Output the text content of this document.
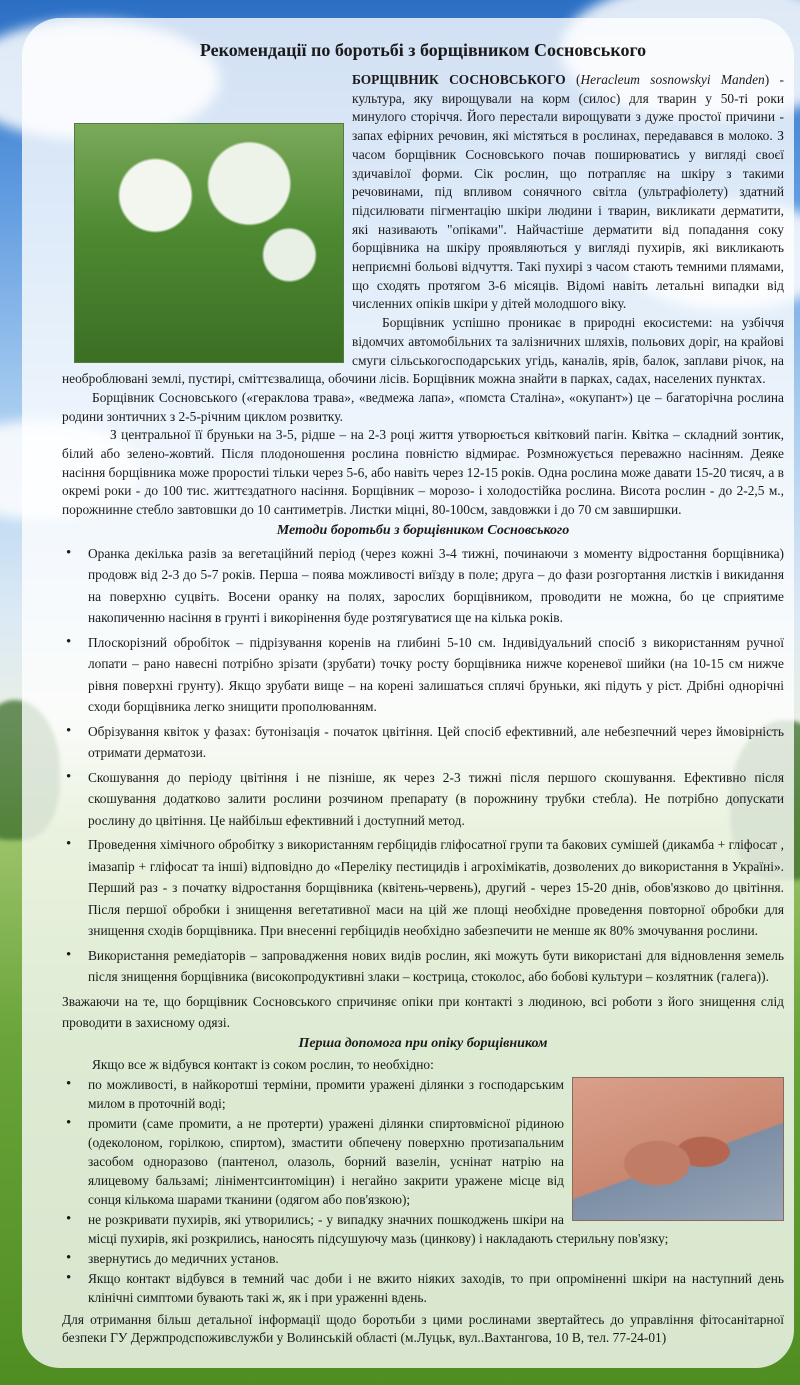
Рекомендації по боротьбі з борщівником Сосновського

БОРЩІВНИК СОСНОВСЬКОГО (Heracleum sosnowskyi Manden) - культура, яку вирощували на корм (силос) для тварин у 50-ті роки минулого сторіччя. Його перестали вирощувати з дуже простої причини - запах ефірних речовин, які містяться в рослинах, передавався в молоко. З часом борщівник Сосновського почав поширюватись у вигляді своєї здичавілої форми. Сік рослин, що потрапляє на шкіру з такими речовинами, під впливом сонячного світла (ультрафіолету) здатний підсилювати пігментацію шкіри людини і тварин, викликати дерматити, які називають "опіками". Найчастіше дерматити від попадання соку борщівника на шкіру проявляються у вигляді пухирів, які викликають неприємні больові відчуття. Такі пухирі з часом стають темними плямами, що сходять протягом 3-6 місяців. Відомі навіть летальні випадки від численних опіків шкіри у дітей молодшого віку.

Борщівник успішно проникає в природні екосистеми: на узбіччя відомчих автомобільних та залізничних шляхів, польових доріг, на крайові смуги сільськогосподарських угідь, каналів, ярів, балок, заплави річок, на необроблювані землі, пустирі, сміттєзвалища, обочини лісів. Борщівник можна знайти в парках, садах, населених пунктах.

Борщівник Сосновського («гераклова трава», «ведмежа лапа», «помста Сталіна», «окупант») це – багаторічна рослина родини зонтичних з 2-5-річним циклом розвитку.

З центральної її бруньки на 3-5, рідше – на 2-3 році життя утворюється квітковий пагін. Квітка – складний зонтик, білий або зелено-жовтий. Після плодоношення рослина повністю відмирає. Розмножується переважно насінням. Деяке насіння борщівника може проростиі тільки через 5-6, або навіть через 12-15 років. Одна рослина може давати 15-20 тисяч, а в окремі роки - до 100 тис. життєздатного насіння. Борщівник – морозо- і холодостійка рослина. Висота рослин - до 2-2,5 м., порожнинне стебло завтовшки до 10 сантиметрів. Листки міцні, 80-100см, завдовжки і до 70 см завширшки.

Методи боротьби з борщівником Сосновського
• Оранка декілька разів за вегетаційний період (через кожні 3-4 тижні, починаючи з моменту відростання борщівника) продовж від 2-3 до 5-7 років. Перша – поява можливості виїзду в поле; друга – до фази розгортання листків і викидання на поверхню суцвіть. Восени оранку на полях, зарослих борщівником, проводити не можна, бо це сприятиме накопиченню насіння в грунті і викорінення буде розтягуватися ще на кілька років.
• Плоскорізний обробіток – підрізування коренів на глибині 5-10 см. Індивідуальний спосіб з використанням ручної лопати – рано навесні потрібно зрізати (зрубати) точку росту борщівника нижче кореневої шийки (на 10-15 см нижче рівня поверхні грунту). Якщо зрубати вище – на корені залишаться сплячі бруньки, які підуть у ріст. Дрібні однорічні сходи борщівника легко знищити прополюванням.
• Обрізування квіток у фазах: бутонізація - початок цвітіння. Цей спосіб ефективний, але небезпечний через ймовірність отримати дерматози.
• Скошування до періоду цвітіння і не пізніше, як через 2-3 тижні після першого скошування. Ефективно після скошування додатково залити рослини розчином препарату (в порожнину трубки стебла). Не потрібно допускати рослину до цвітіння. Це найбільш ефективний і доступний метод.
• Проведення хімічного обробітку з використанням гербіцидів гліфосатної групи та бакових сумішей (дикамба + гліфосат , імазапір + гліфосат та інші) відповідно до «Переліку пестицидів і агрохімікатів, дозволених до використання в Україні». Перший раз - з початку відростання борщівника (квітень-червень), другий - через 15-20 днів, обов'язково до цвітіння. Після першої обробки і знищення вегетативної маси на цій же площі необхідне проведення повторної обробки для знищення сходів борщівника. При внесенні гербіцидів необхідно забезпечити не менше як 80% змочування рослини.
• Використання ремедіаторів – запровадження нових видів рослин, які можуть бути використані для відновлення земель після знищення борщівника (високопродуктивні злаки – кострица, стоколос, або бобові культури – козлятник (галега)).

Зважаючи на те, що борщівник Сосновського спричиняє опіки при контакті з людиною, всі роботи з його знищення слід проводити в захисному одязі.

Перша допомога при опіку борщівником

Якщо все ж відбувся контакт із соком рослин, то необхідно:

• по можливості, в найкоротші терміни, промити уражені ділянки з господарським милом в проточній воді;
• промити (саме промити, а не протерти) уражені ділянки спиртовмісної рідиною (одеколоном, горілкою, спиртом), змастити обпечену поверхню протизапальним засобом одноразово (пантенол, олазоль, борний вазелін, уснінат натрію на ялицевому бальзамі; лініментсинтоміцин) і негайно закрити уражене місце від сонця кількома шарами тканини (одягом або пов'язкою);
• не розкривати пухирів, які утворились; - у випадку значних пошкоджень шкіри на місці пухирів, які розкрились, наносять підсушуючу мазь (цинкову) і накладають стерильну пов'язку;
• звернутись до медичних установ.
• Якщо контакт відбувся в темний час доби і не вжито ніяких заходів, то при опроміненні шкіри на наступний день клінічні симптоми бувають такі ж, як і при ураженні вдень.

Для отримання більш детальної інформації щодо боротьби з цими рослинами звертайтесь до управління фітосанітарної безпеки ГУ Держпродспоживслужби у Волинській області (м.Луцьк, вул..Вахтангова, 10 В, тел. 77-24-01)
